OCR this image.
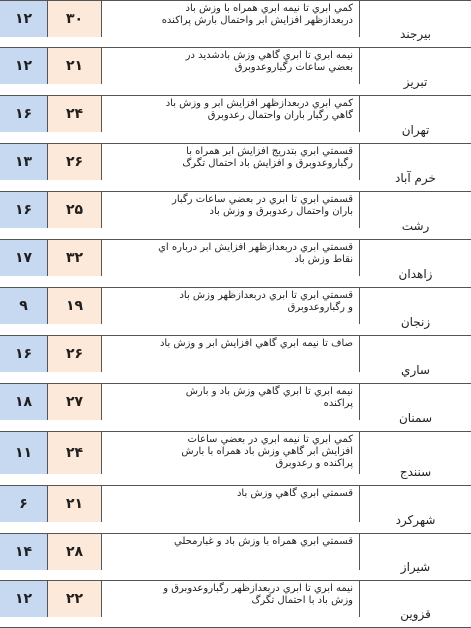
۱۲	۳۰
کمي ابري تا نيمه ابري همراه با وزش باد
دربعدازظهر افزايش ابر واحتمال بارش پراکنده
بیرجند
۱۲	۲۱
نيمه ابري تا ابري گاهي وزش بادشديد در
بعضي ساعات رگباروعدوبرق
تبریز
۱۶	۲۴
کمي ابري دربعدازظهر افزايش ابر و وزش باد
گاهي رگبار باران واحتمال رعدوبرق
تهران
۱۳	۲۶
قسمتي ابري بتدريج افزايش ابر همراه با
رگباروعدوبرق و افزايش باد احتمال تگرگ
خرم آباد
۱۶	۲۵
قسمتي ابري تا ابري در بعضي ساعات رگبار
باران واحتمال رعدوبرق و وزش باد
رشت
۱۷	۳۲
قسمتي ابري دربعدازظهر افزايش ابر درباره اي
نقاط وزش باد
زاهدان
۹	۱۹
قسمتي ابري تا ابري دربعدازظهر وزش باد
و رگباروعدوبرق
زنجان
۱۶	۲۶
صاف تا نيمه ابري گاهي افزايش ابر و وزش باد
ساري
۱۸	۲۷
نيمه ابري تا ابري گاهي وزش باد و بارش
پراکنده
سمنان
۱۱	۲۴
کمي ابري تا نيمه ابري در بعضي ساعات
افزايش ابر گاهي وزش باد همراه با بارش
پراکنده و رعدوبرق
سنندج
۶	۲۱
قسمتي ابري گاهي وزش باد
شهرکرد
۱۴	۲۸
قسمتي ابري همراه با وزش باد و غبارمحلي
شیراز
۱۲	۲۲
نيمه ابري تا ابري دربعدازظهر رگباروعدوبرق و
وزش باد با احتمال تگرگ
قزوین
